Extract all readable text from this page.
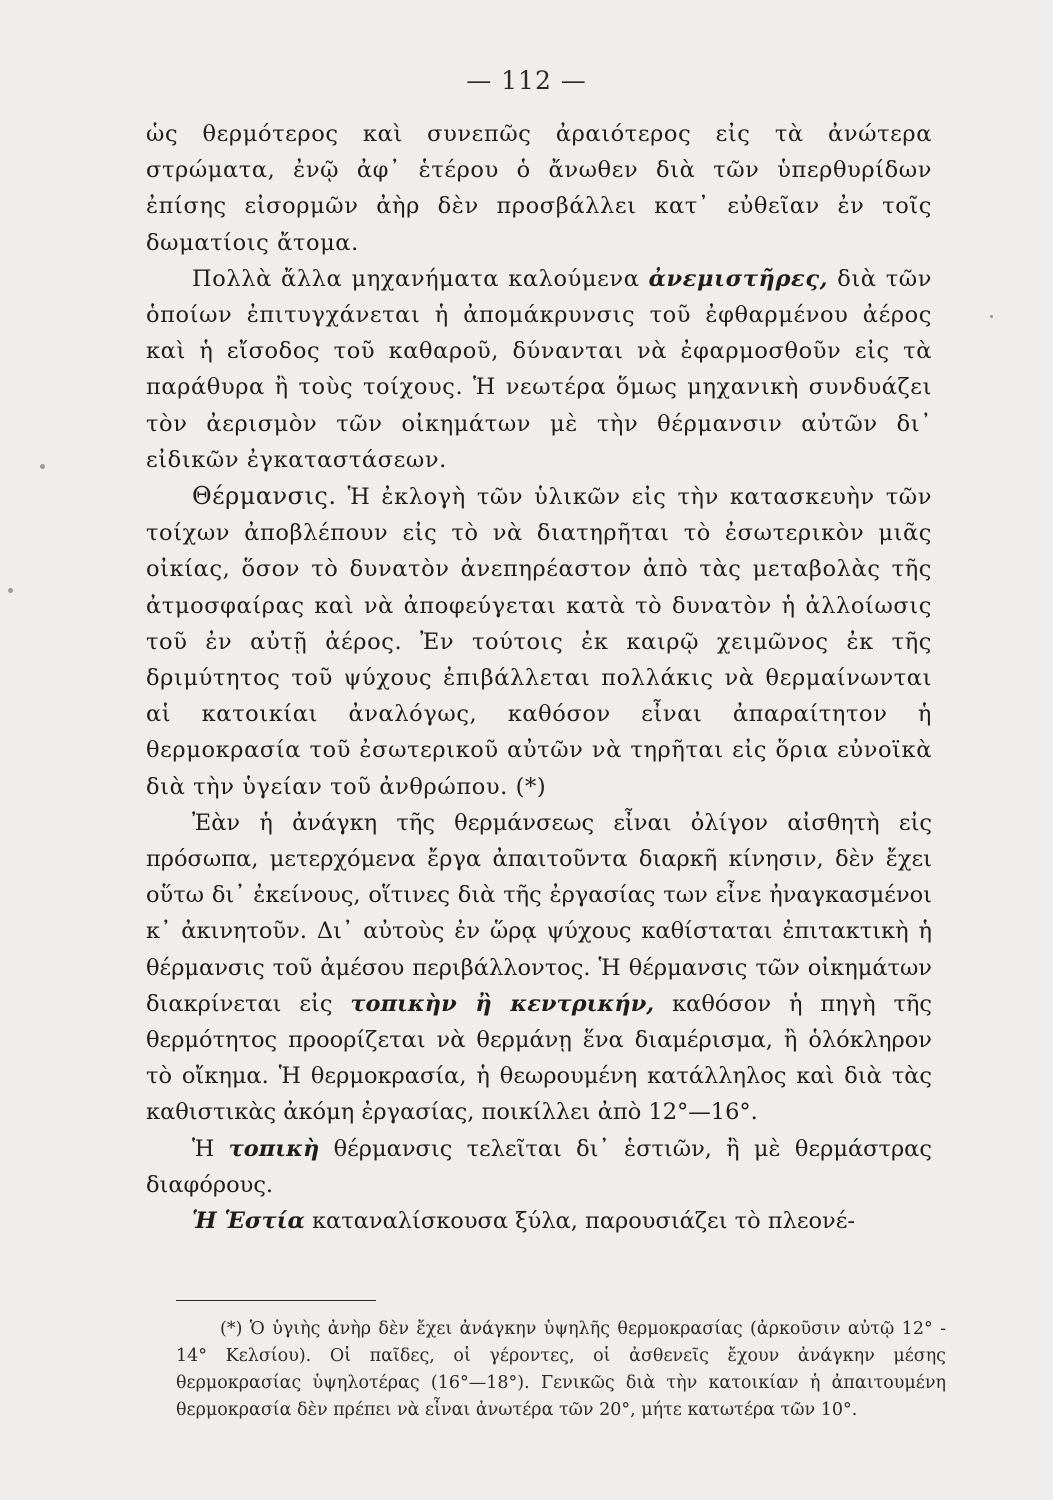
— 112 —

ὡς θερμότερος καὶ συνεπῶς ἀραιότερος εἰς τὰ ἀνώτερα στρώματα, ἐνῷ ἀφ᾽ ἑτέρου ὁ ἄνωθεν διὰ τῶν ὑπερθυρίδων ἐπίσης εἰσορμῶν ἀὴρ δὲν προσβάλλει κατ᾽ εὐθεῖαν ἐν τοῖς δωματίοις ἄτομα.

Πολλὰ ἄλλα μηχανήματα καλούμενα ἀνεμιστῆρες, διὰ τῶν ὁποίων ἐπιτυγχάνεται ἡ ἀπομάκρυνσις τοῦ ἐφθαρμένου ἀέρος καὶ ἡ εἴσοδος τοῦ καθαροῦ, δύνανται νὰ ἐφαρμοσθοῦν εἰς τὰ παράθυρα ἢ τοὺς τοίχους. Ἡ νεωτέρα ὅμως μηχανικὴ συνδυάζει τὸν ἀερισμὸν τῶν οἰκημάτων μὲ τὴν θέρμανσιν αὐτῶν δι᾽ εἰδικῶν ἐγκαταστάσεων.

Θέρμανσις. Ἡ ἐκλογὴ τῶν ὑλικῶν εἰς τὴν κατασκευὴν τῶν τοίχων ἀποβλέπουν εἰς τὸ νὰ διατηρῆται τὸ ἐσωτερικὸν μιᾶς οἰκίας, ὅσον τὸ δυνατὸν ἀνεπηρέαστον ἀπὸ τὰς μεταβολὰς τῆς ἀτμοσφαίρας καὶ νὰ ἀποφεύγεται κατὰ τὸ δυνατὸν ἡ ἀλλοίωσις τοῦ ἐν αὐτῇ ἀέρος. Ἐν τούτοις ἐκ καιρῷ χειμῶνος ἐκ τῆς δριμύτητος τοῦ ψύχους ἐπιβάλλεται πολλάκις νὰ θερμαίνωνται αἱ κατοικίαι ἀναλόγως, καθόσον εἶναι ἀπαραίτητον ἡ θερμοκρασία τοῦ ἐσωτερικοῦ αὐτῶν νὰ τηρῆται εἰς ὅρια εὐνοϊκὰ διὰ τὴν ὑγείαν τοῦ ἀνθρώπου. (*)

Ἐὰν ἡ ἀνάγκη τῆς θερμάνσεως εἶναι ὀλίγον αἰσθητὴ εἰς πρόσωπα, μετερχόμενα ἔργα ἀπαιτοῦντα διαρκῆ κίνησιν, δὲν ἔχει οὕτω δι᾽ ἐκείνους, οἵτινες διὰ τῆς ἐργασίας των εἶνε ἠναγκασμένοι κ᾽ ἀκινητοῦν. Δι᾽ αὐτοὺς ἐν ὥρᾳ ψύχους καθίσταται ἐπιτακτικὴ ἡ θέρμανσις τοῦ ἀμέσου περιβάλλοντος. Ἡ θέρμανσις τῶν οἰκημάτων διακρίνεται εἰς τοπικὴν ἢ κεντρικήν, καθόσον ἡ πηγὴ τῆς θερμότητος προορίζεται νὰ θερμάνῃ ἕνα διαμέρισμα, ἢ ὁλόκληρον τὸ οἴκημα. Ἡ θερμοκρασία, ἡ θεωρουμένη κατάλληλος καὶ διὰ τὰς καθιστικὰς ἀκόμη ἐργασίας, ποικίλλει ἀπὸ 12°—16°.

Ἡ τοπικὴ θέρμανσις τελεῖται δι᾽ ἑστιῶν, ἢ μὲ θερμάστρας διαφόρους.

Ἡ Ἑστία καταναλίσκουσα ξύλα, παρουσιάζει τὸ πλεονέ-

(*) Ὁ ὑγιὴς ἀνὴρ δὲν ἔχει ἀνάγκην ὑψηλῆς θερμοκρασίας (ἀρκοῦσιν αὐτῷ 12° - 14° Κελσίου). Οἱ παῖδες, οἱ γέροντες, οἱ ἀσθενεῖς ἔχουν ἀνάγκην μέσης θερμοκρασίας ὑψηλοτέρας (16°—18°). Γενικῶς διὰ τὴν κατοικίαν ἡ ἀπαιτουμένη θερμοκρασία δὲν πρέπει νὰ εἶναι ἀνωτέρα τῶν 20°, μήτε κατωτέρα τῶν 10°.
